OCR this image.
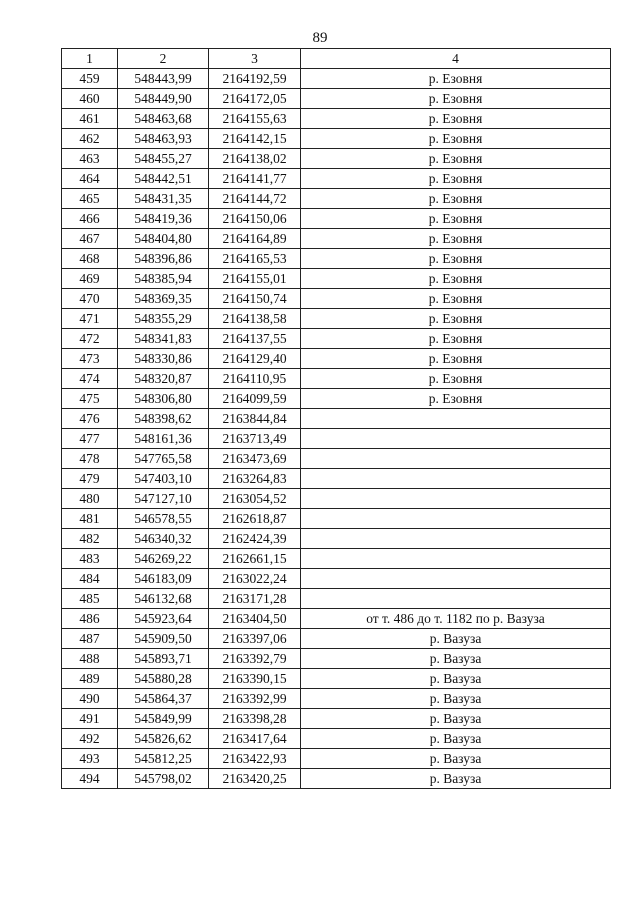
89
1	2	3	4
459	548443,99	2164192,59	р. Езовня
460	548449,90	2164172,05	р. Езовня
461	548463,68	2164155,63	р. Езовня
462	548463,93	2164142,15	р. Езовня
463	548455,27	2164138,02	р. Езовня
464	548442,51	2164141,77	р. Езовня
465	548431,35	2164144,72	р. Езовня
466	548419,36	2164150,06	р. Езовня
467	548404,80	2164164,89	р. Езовня
468	548396,86	2164165,53	р. Езовня
469	548385,94	2164155,01	р. Езовня
470	548369,35	2164150,74	р. Езовня
471	548355,29	2164138,58	р. Езовня
472	548341,83	2164137,55	р. Езовня
473	548330,86	2164129,40	р. Езовня
474	548320,87	2164110,95	р. Езовня
475	548306,80	2164099,59	р. Езовня
476	548398,62	2163844,84	
477	548161,36	2163713,49	
478	547765,58	2163473,69	
479	547403,10	2163264,83	
480	547127,10	2163054,52	
481	546578,55	2162618,87	
482	546340,32	2162424,39	
483	546269,22	2162661,15	
484	546183,09	2163022,24	
485	546132,68	2163171,28	
486	545923,64	2163404,50	от т. 486 до т. 1182 по р. Вазуза
487	545909,50	2163397,06	р. Вазуза
488	545893,71	2163392,79	р. Вазуза
489	545880,28	2163390,15	р. Вазуза
490	545864,37	2163392,99	р. Вазуза
491	545849,99	2163398,28	р. Вазуза
492	545826,62	2163417,64	р. Вазуза
493	545812,25	2163422,93	р. Вазуза
494	545798,02	2163420,25	р. Вазуза
